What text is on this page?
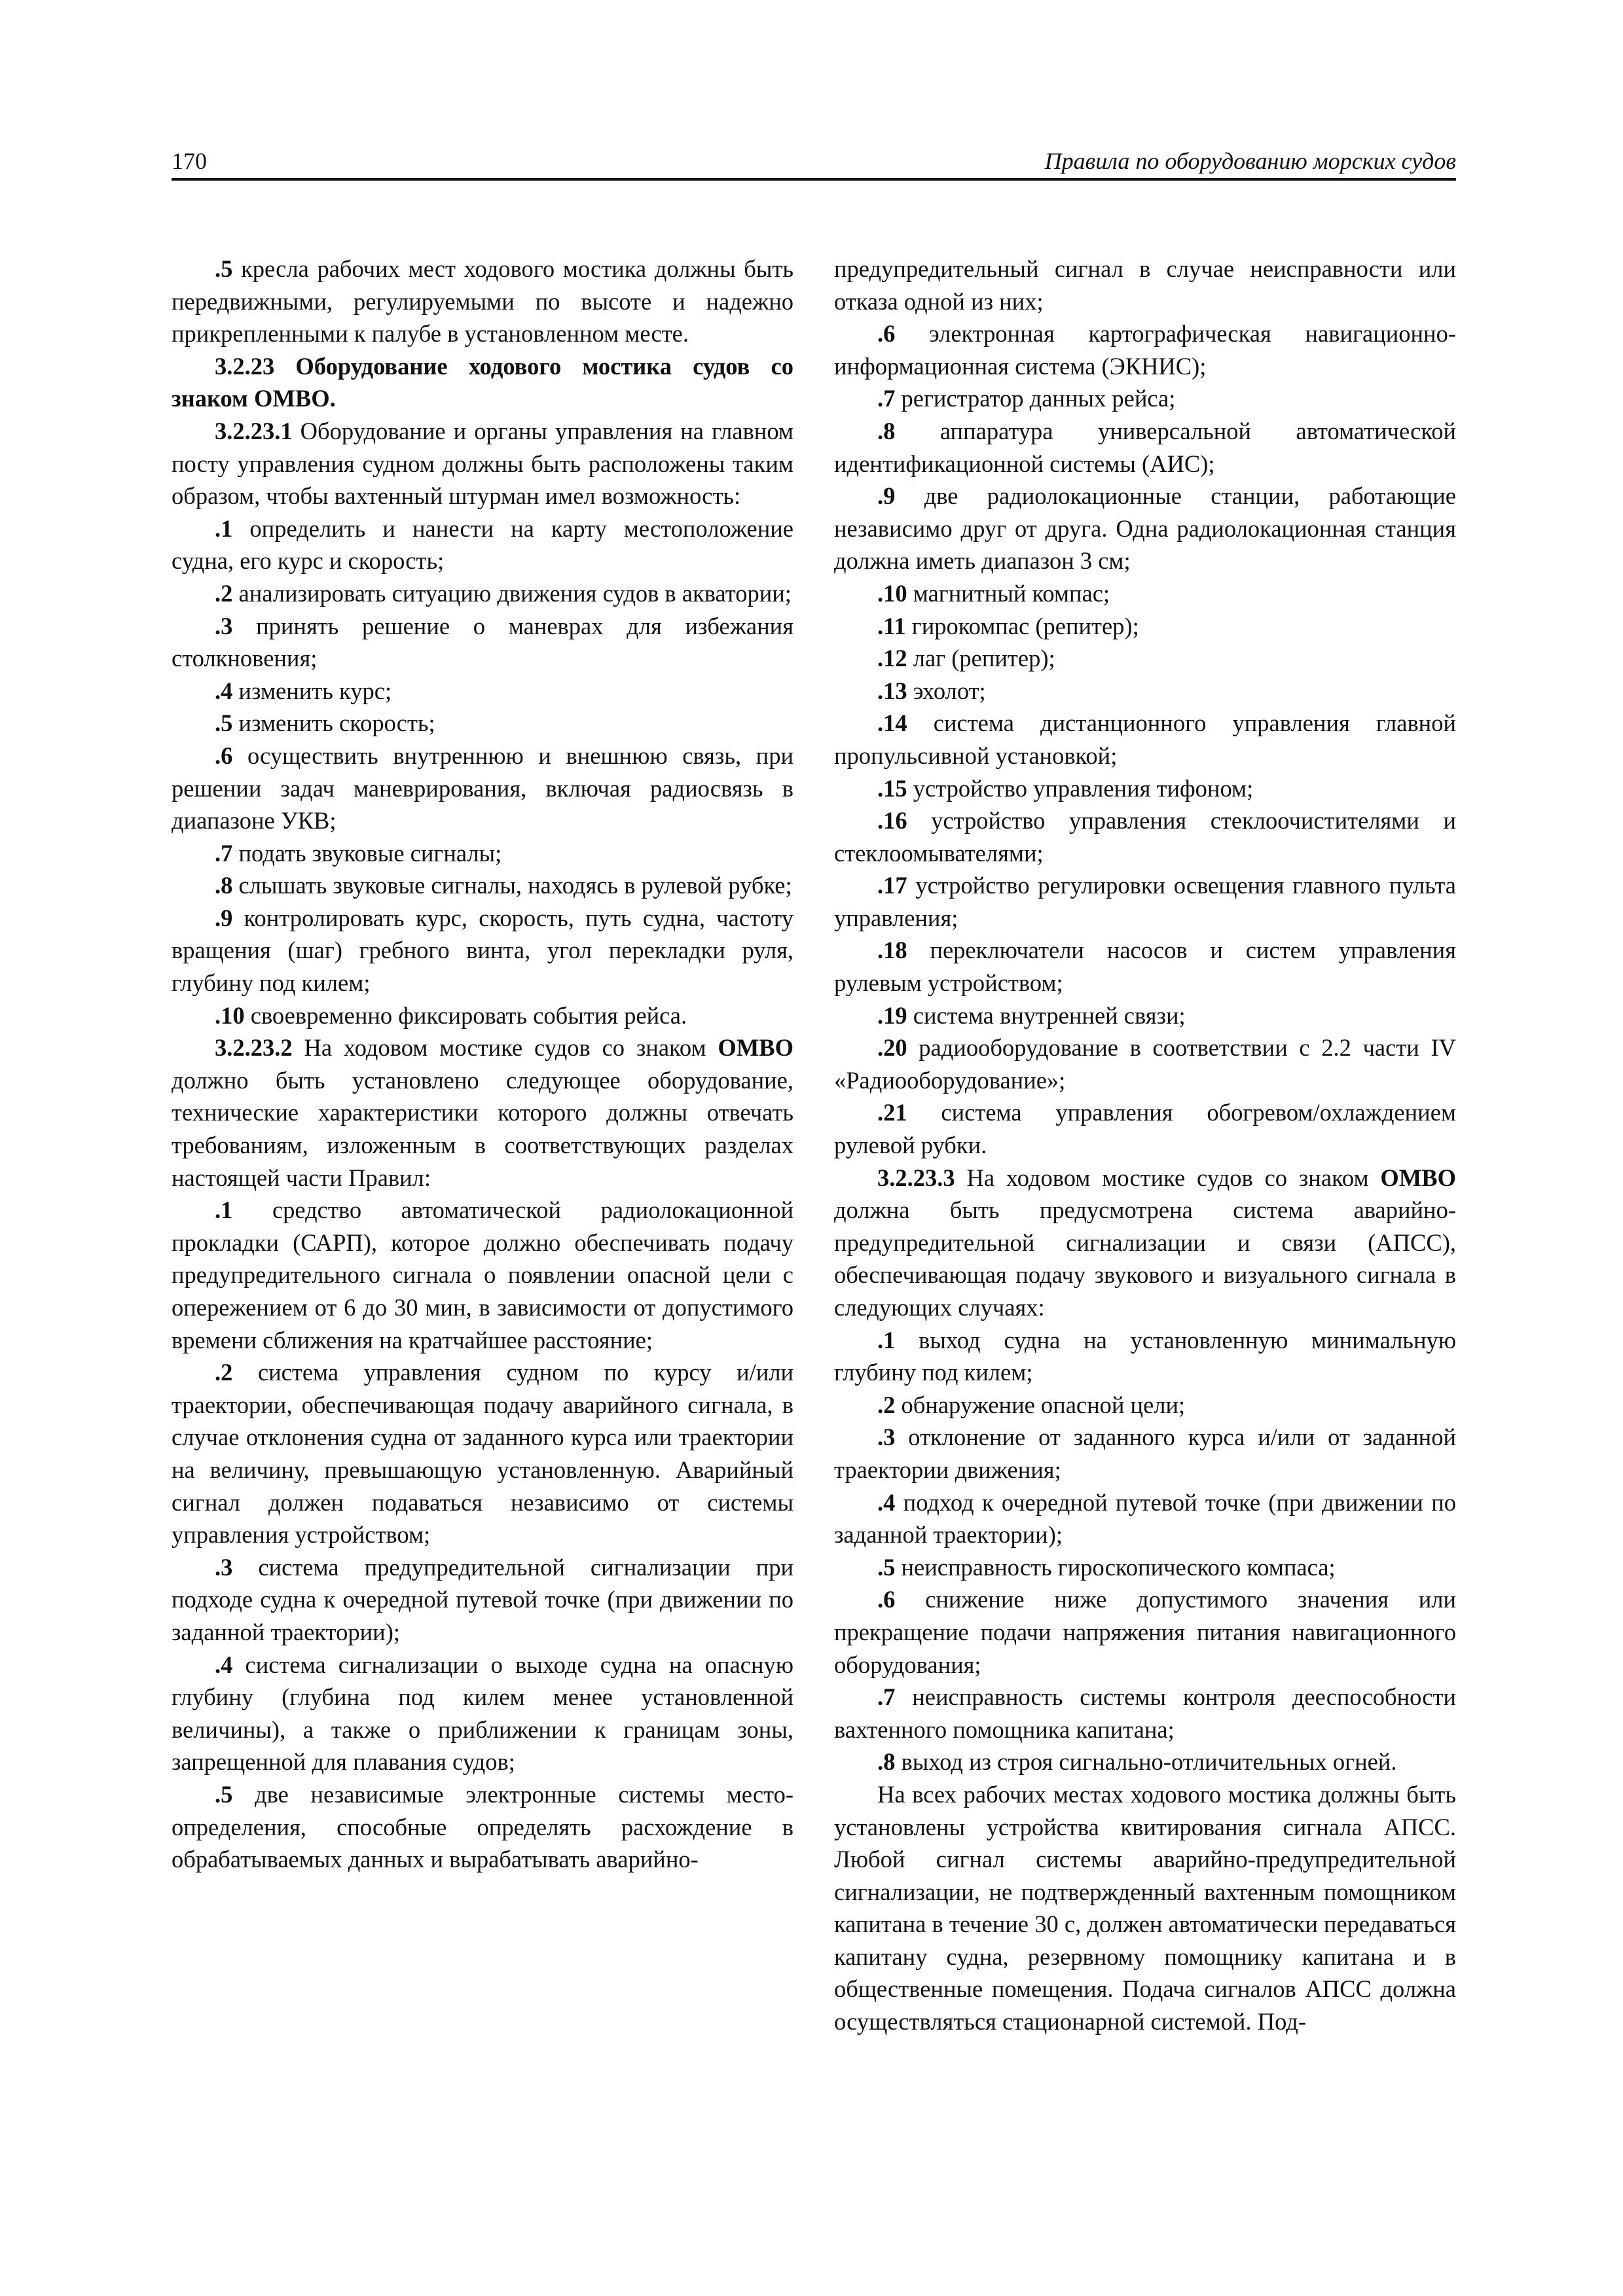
170	Правила по оборудованию морских судов

.5 кресла рабочих мест ходового мостика должны быть передвижными, регулируемыми по высоте и надежно прикрепленными к палубе в установленном месте.

3.2.23 Оборудование ходового мостика судов со знаком ОМВО.

3.2.23.1 Оборудование и органы управления на главном посту управления судном должны быть расположены таким образом, чтобы вахтенный штурман имел возможность:

.1 определить и нанести на карту местоположение судна, его курс и скорость;

.2 анализировать ситуацию движения судов в акватории;

.3 принять решение о маневрах для избежания столкновения;

.4 изменить курс;

.5 изменить скорость;

.6 осуществить внутреннюю и внешнюю связь, при решении задач маневрирования, включая радиосвязь в диапазоне УКВ;

.7 подать звуковые сигналы;

.8 слышать звуковые сигналы, находясь в рулевой рубке;

.9 контролировать курс, скорость, путь судна, частоту вращения (шаг) гребного винта, угол перекладки руля, глубину под килем;

.10 своевременно фиксировать события рейса.

3.2.23.2 На ходовом мостике судов со знаком ОМВО должно быть установлено следующее оборудование, технические характеристики которого должны отвечать требованиям, изложенным в соответствующих разделах настоящей части Правил:

.1 средство автоматической радиолокационной прокладки (САРП), которое должно обеспечивать подачу предупредительного сигнала о появлении опасной цели с опережением от 6 до 30 мин, в зависимости от допустимого времени сближения на кратчайшее расстояние;

.2 система управления судном по курсу и/или траектории, обеспечивающая подачу аварийного сигнала, в случае отклонения судна от заданного курса или траектории на величину, превышающую установленную. Аварийный сигнал должен подаваться независимо от системы управления устройством;

.3 система предупредительной сигнализации при подходе судна к очередной путевой точке (при движении по заданной траектории);

.4 система сигнализации о выходе судна на опасную глубину (глубина под килем менее установленной величины), а также о приближении к границам зоны, запрещенной для плавания судов;

.5 две независимые электронные системы местоопределения, способные определять расхождение в обрабатываемых данных и вырабатывать аварийно-

предупредительный сигнал в случае неисправности или отказа одной из них;

.6 электронная картографическая навигационно-информационная система (ЭКНИС);

.7 регистратор данных рейса;

.8 аппаратура универсальной автоматической идентификационной системы (АИС);

.9 две радиолокационные станции, работающие независимо друг от друга. Одна радиолокационная станция должна иметь диапазон 3 см;

.10 магнитный компас;

.11 гирокомпас (репитер);

.12 лаг (репитер);

.13 эхолот;

.14 система дистанционного управления главной пропульсивной установкой;

.15 устройство управления тифоном;

.16 устройство управления стеклоочистителями и стеклоомывателями;

.17 устройство регулировки освещения главного пульта управления;

.18 переключатели насосов и систем управления рулевым устройством;

.19 система внутренней связи;

.20 радиооборудование в соответствии с 2.2 части IV «Радиооборудование»;

.21 система управления обогревом/охлаждением рулевой рубки.

3.2.23.3 На ходовом мостике судов со знаком ОМВО должна быть предусмотрена система аварийно-предупредительной сигнализации и связи (АПСС), обеспечивающая подачу звукового и визуального сигнала в следующих случаях:

.1 выход судна на установленную минимальную глубину под килем;

.2 обнаружение опасной цели;

.3 отклонение от заданного курса и/или от заданной траектории движения;

.4 подход к очередной путевой точке (при движении по заданной траектории);

.5 неисправность гироскопического компаса;

.6 снижение ниже допустимого значения или прекращение подачи напряжения питания навигационного оборудования;

.7 неисправность системы контроля дееспособности вахтенного помощника капитана;

.8 выход из строя сигнально-отличительных огней.

На всех рабочих местах ходового мостика должны быть установлены устройства квитирования сигнала АПСС. Любой сигнал системы аварийно-предупредительной сигнализации, не подтвержденный вахтенным помощником капитана в течение 30 с, должен автоматически передаваться капитану судна, резервному помощнику капитана и в общественные помещения. Подача сигналов АПСС должна осуществляться стационарной системой. Под-
